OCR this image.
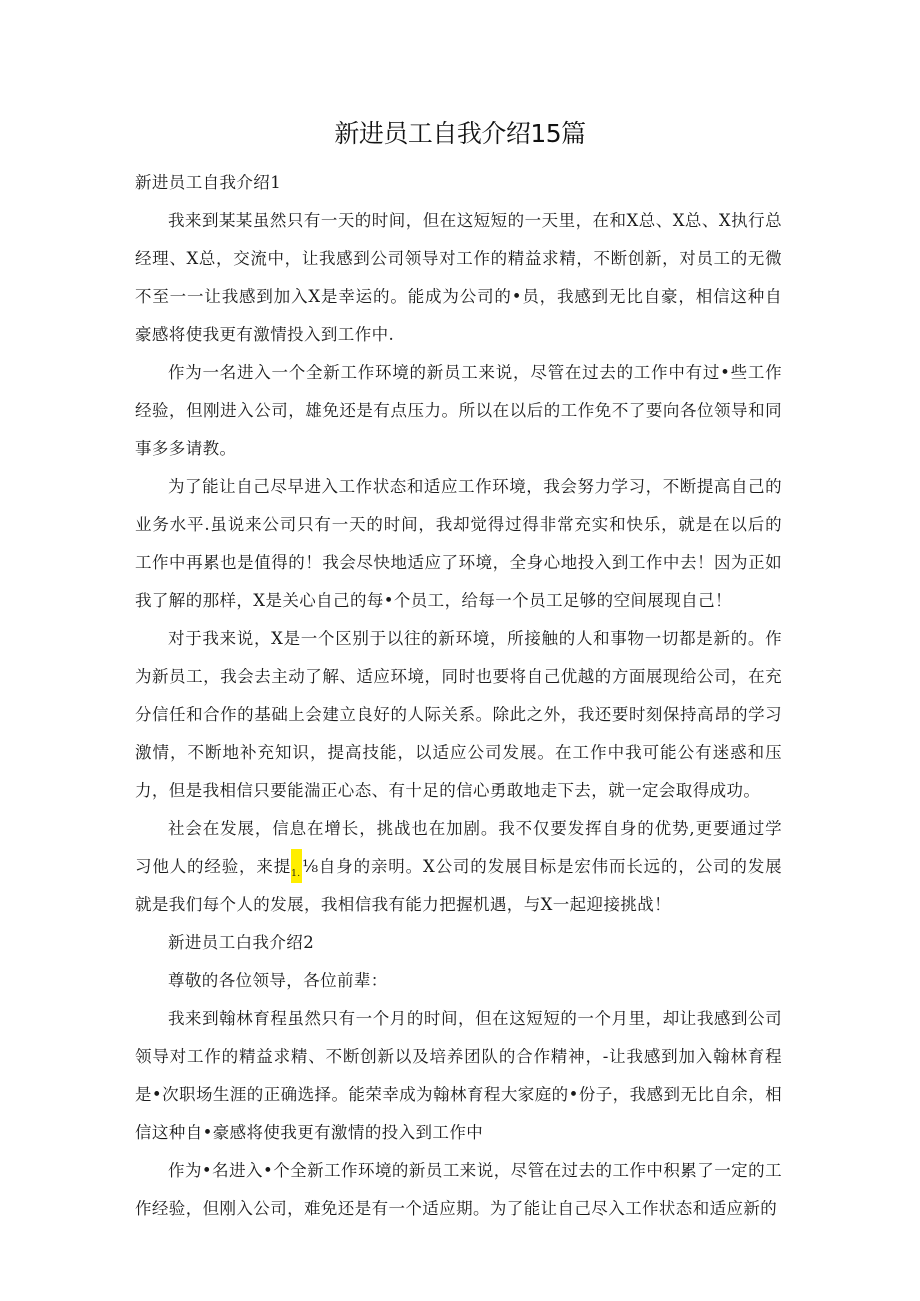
新进员工自我介绍15篇

新进员工自我介绍1

我来到某某虽然只有一天的时间，但在这短短的一天里，在和X总、X总、X执行总经理、X总，交流中，让我感到公司领导对工作的精益求精，不断创新，对员工的无微不至一一让我感到加入X是幸运的。能成为公司的•员，我感到无比自豪，相信这种自豪感将使我更有激情投入到工作中.

作为一名进入一个全新工作环境的新员工来说，尽管在过去的工作中有过•些工作经验，但刚进入公司，雄免还是有点压力。所以在以后的工作免不了要向各位领导和同事多多请教。

为了能让自己尽早进入工作状态和适应工作环境，我会努力学习，不断提高自己的业务水平.虽说来公司只有一天的时间，我却觉得过得非常充实和快乐，就是在以后的工作中再累也是值得的！我会尽快地适应了环境，全身心地投入到工作中去！因为正如我了解的那样，X是关心自己的每•个员工，给每一个员工足够的空间展现自己！

对于我来说，X是一个区别于以往的新环境，所接触的人和事物一切都是新的。作为新员工，我会去主动了解、适应环境，同时也要将自己优越的方面展现给公司，在充分信任和合作的基础上会建立良好的人际关系。除此之外，我还要时刻保持高昂的学习激情，不断地补充知识，提高技能，以适应公司发展。在工作中我可能公有迷惑和压力，但是我相信只要能湍正心态、有十足的信心勇敢地走下去，就一定会取得成功。

社会在发展，信息在增长，挑战也在加剧。我不仅要发挥自身的优势,更要通过学习他人的经验，来提1.⅛自身的亲明。X公司的发展目标是宏伟而长远的，公司的发展就是我们每个人的发展，我相信我有能力把握机遇，与X一起迎接挑战！

新进员工白我介绍2

尊敬的各位领导，各位前辈：

我来到翰林育程虽然只有一个月的时间，但在这短短的一个月里，却让我感到公司领导对工作的精益求精、不断创新以及培养团队的合作精神，-让我感到加入翰林育程是•次职场生涯的正确选择。能荣幸成为翰林育程大家庭的•份子，我感到无比自余，相信这种自•豪感将使我更有激情的投入到工作中

作为•名进入•个全新工作环境的新员工来说，尽管在过去的工作中积累了一定的工作经验，但刚入公司，难免还是有一个适应期。为了能让自己尽入工作状态和适应新的
